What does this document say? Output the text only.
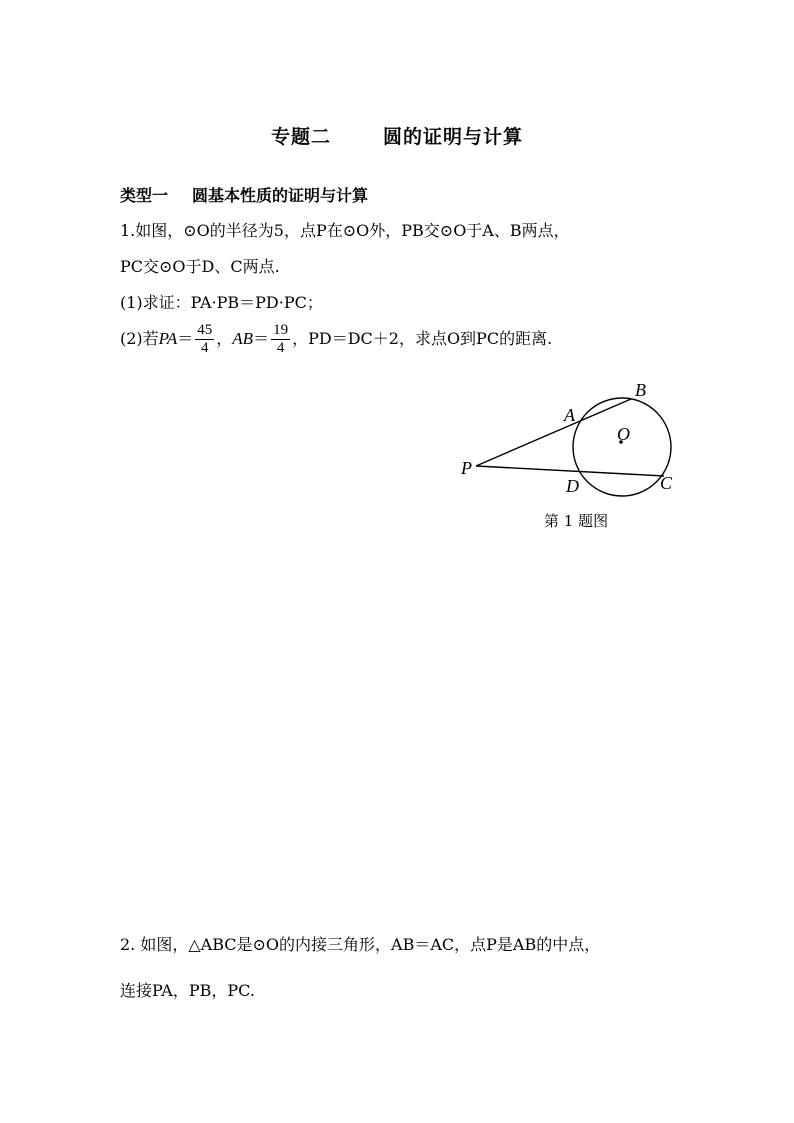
专题二	圆的证明与计算
类型一 圆基本性质的证明与计算
1.如图，⊙O的半径为5，点P在⊙O外，PB交⊙O于A、B两点，
PC交⊙O于D、C两点.
(1)求证：PA·PB＝PD·PC；
(2)若$PA= \frac{45}{4}$ ，$AB= \frac{19}{4}$ ，PD＝DC＋2，求点O到PC的距离.
B
A
O
P
D	C
第 1 题图
2. 如图，△ABC是⊙O的内接三角形，AB＝AC，点P是AB的中点，
连接PA，PB，PC.
